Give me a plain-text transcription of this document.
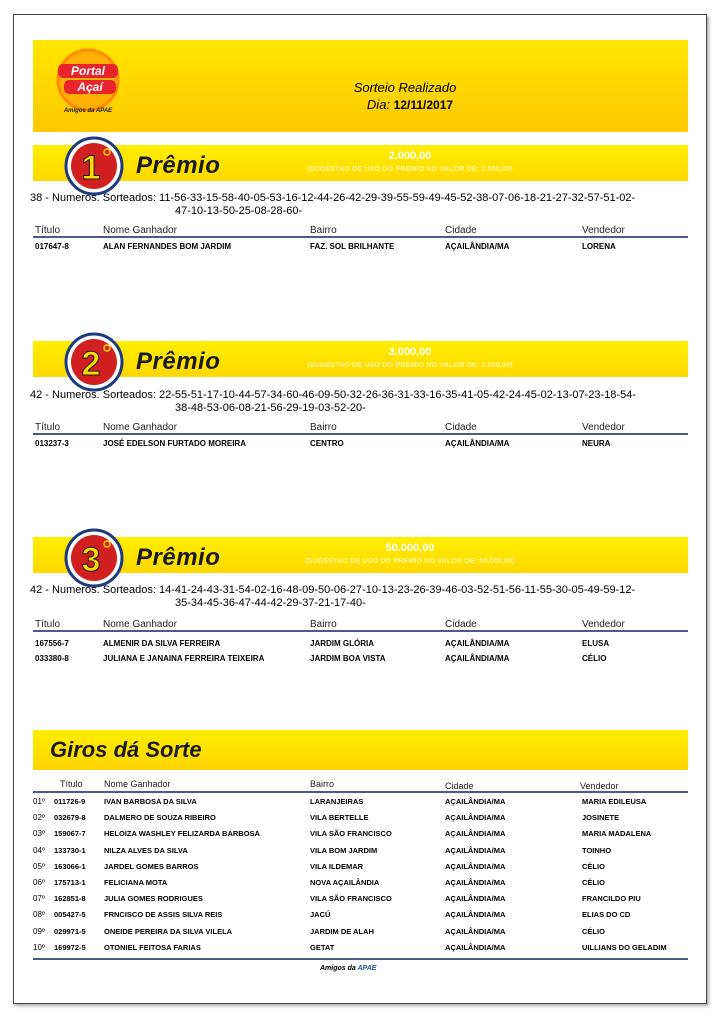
Portal
Açaí
Amigos da APAE
Sorteio Realizado
Dia: 12/11/2017
1 Prêmio	2.000,00
(SUGESTAO DE USO DO PREMIO NO VALOR DE: 2.000,00)
38 - Numeros. Sorteados: 11-56-33-15-58-40-05-53-16-12-44-26-42-29-39-55-59-49-45-52-38-07-06-18-21-27-32-57-51-02-
47-10-13-50-25-08-28-60-
Título	Nome Ganhador	Bairro	Cidade	Vendedor
017647-8	ALAN FERNANDES BOM JARDIM	FAZ. SOL BRILHANTE	AÇAILÂNDIA/MA	LORENA
2 Prêmio	3.000,00
(SUGESTAO DE USO DO PREMIO NO VALOR DE: 3.000,00)
42 - Numeros. Sorteados: 22-55-51-17-10-44-57-34-60-46-09-50-32-26-36-31-33-16-35-41-05-42-24-45-02-13-07-23-18-54-
38-48-53-06-08-21-56-29-19-03-52-20-
Título	Nome Ganhador	Bairro	Cidade	Vendedor
013237-3	JOSÉ EDELSON FURTADO MOREIRA	CENTRO	AÇAILÂNDIA/MA	NEURA
3 Prêmio	50.000,00
(SUGESTAO DE USO DO PREMIO NO VALOR DE: 50.000,00)
42 - Numeros. Sorteados: 14-41-24-43-31-54-02-16-48-09-50-06-27-10-13-23-26-39-46-03-52-51-56-11-55-30-05-49-59-12-
35-34-45-36-47-44-42-29-37-21-17-40-
Título	Nome Ganhador	Bairro	Cidade	Vendedor
167556-7	ALMENIR DA SILVA FERREIRA	JARDIM GLÓRIA	AÇAILÂNDIA/MA	ELUSA
033380-8	JULIANA E JANAINA FERREIRA TEIXEIRA	JARDIM BOA VISTA	AÇAILÂNDIA/MA	CÉLIO
Giros dá Sorte
Título Nome Ganhador	Bairro	Cidade	Vendedor
01º 011726-9 IVAN BARBOSA DA SILVA	LARANJEIRAS	AÇAILÂNDIA/MA	MARIA EDILEUSA
02º 032679-8 DALMERO DE SOUZA RIBEIRO	VILA BERTELLE	AÇAILÂNDIA/MA	JOSINETE
03º 159067-7 HELOIZA WASHLEY FELIZARDA BARBOSA	VILA SÃO FRANCISCO	AÇAILÂNDIA/MA	MARIA MADALENA
04º 133730-1 NILZA ALVES DA SILVA	VILA BOM JARDIM	AÇAILÂNDIA/MA	TOINHO
05º 163066-1 JARDEL GOMES BARROS	VILA ILDEMAR	AÇAILÂNDIA/MA	CÉLIO
06º 175713-1 FELICIANA MOTA	NOVA AÇAILÂNDIA	AÇAILÂNDIA/MA	CÉLIO
07º 162851-8 JULIA GOMES RODRIGUES	VILA SÃO FRANCISCO	AÇAILÂNDIA/MA	FRANCILDO PIU
08º 005427-5 FRNCISCO DE ASSIS SILVA REIS	JACÚ	AÇAILÂNDIA/MA	ELIAS DO CD
09º 029971-5 ONEIDE PEREIRA DA SILVA VILELA	JARDIM DE ALAH	AÇAILÂNDIA/MA	CÉLIO
10º 169972-5 OTONIEL FEITOSA FARIAS	GETAT	AÇAILÂNDIA/MA	UILLIANS DO GELADIM
Amigos da APAE
